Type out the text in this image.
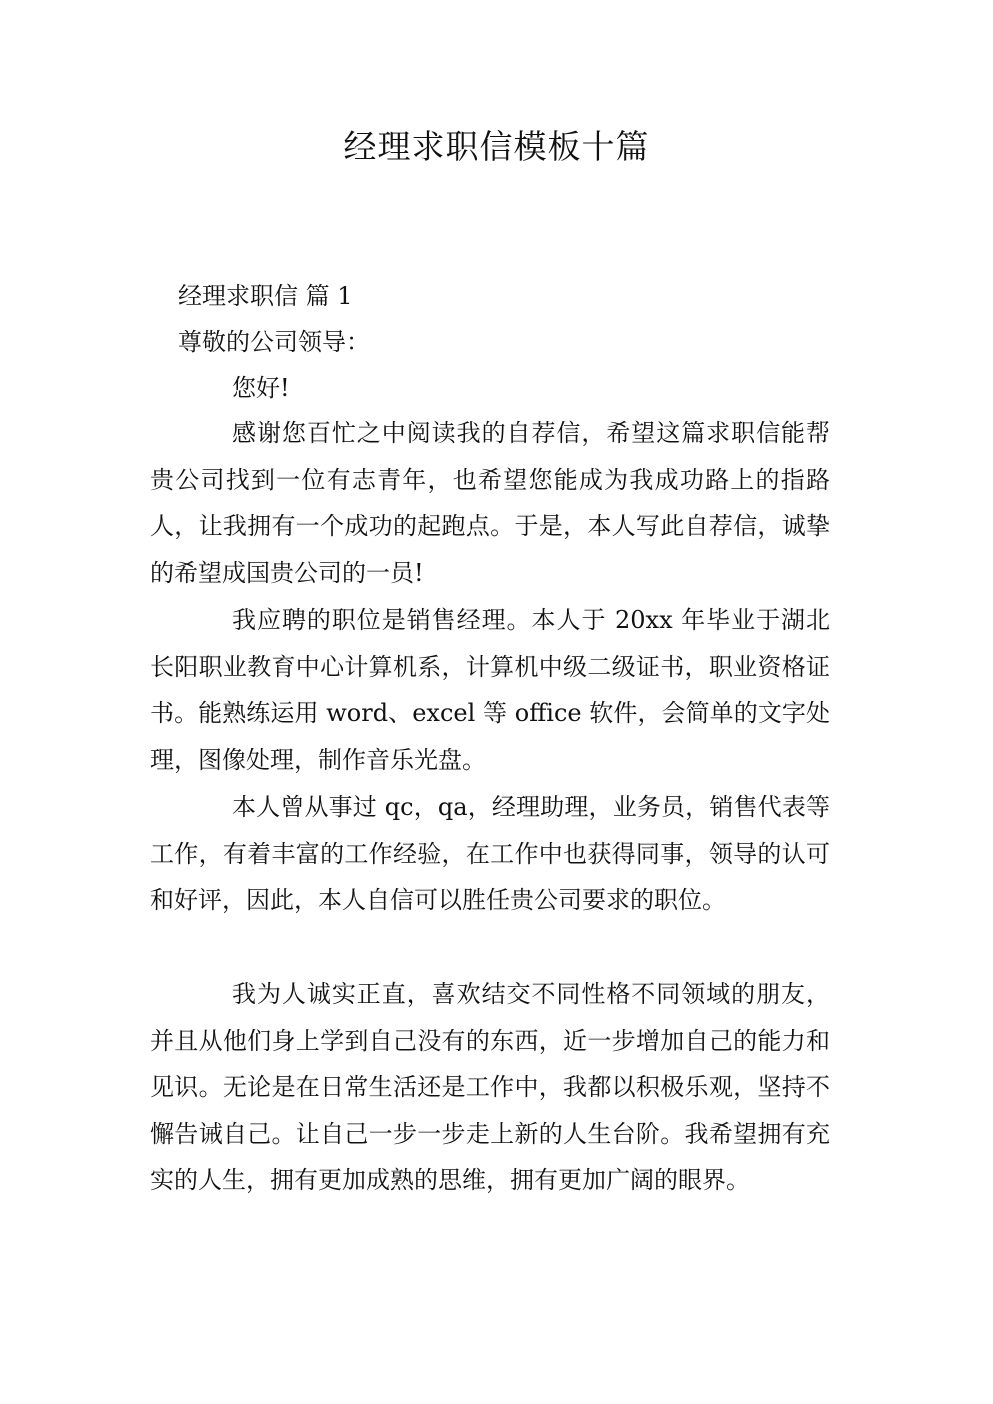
经理求职信模板十篇

经理求职信 篇 1

尊敬的公司领导：

您好!

感谢您百忙之中阅读我的自荐信，希望这篇求职信能帮贵公司找到一位有志青年，也希望您能成为我成功路上的指路人，让我拥有一个成功的起跑点。于是，本人写此自荐信，诚挚的希望成国贵公司的一员!

我应聘的职位是销售经理。本人于 20xx 年毕业于湖北长阳职业教育中心计算机系，计算机中级二级证书，职业资格证书。能熟练运用 word、excel 等 office 软件，会简单的文字处理，图像处理，制作音乐光盘。

本人曾从事过 qc，qa，经理助理，业务员，销售代表等工作，有着丰富的工作经验，在工作中也获得同事，领导的认可和好评，因此，本人自信可以胜任贵公司要求的职位。

我为人诚实正直，喜欢结交不同性格不同领域的朋友，并且从他们身上学到自己没有的东西，近一步增加自己的能力和见识。无论是在日常生活还是工作中，我都以积极乐观，坚持不懈告诫自己。让自己一步一步走上新的人生台阶。我希望拥有充实的人生，拥有更加成熟的思维，拥有更加广阔的眼界。
